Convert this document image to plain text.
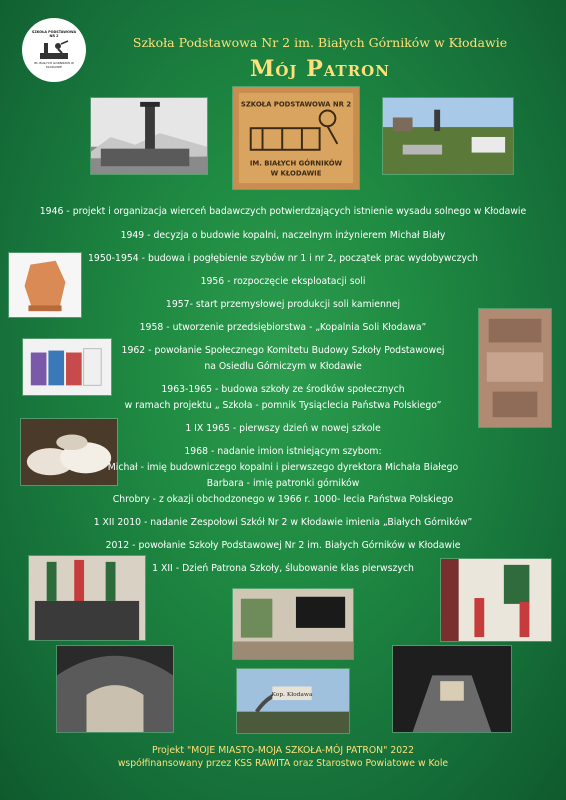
SZKOŁA PODSTAWOWA NR 2
IM. BIAŁYCH GÓRNIKÓW W KŁODAWIE
Szkoła Podstawowa Nr 2 im. Białych Górników w Kłodawie
Mój Patron
SZKOŁA PODSTAWOWA NR 2
IM. BIAŁYCH GÓRNIKÓW
W KŁODAWIE
1946 - projekt i organizacja wierceń badawczych potwierdzających istnienie wysadu solnego w Kłodawie
1949 - decyzja o budowie kopalni, naczelnym inżynierem Michał Biały
1950-1954 - budowa i pogłębienie szybów nr 1 i nr 2, początek prac wydobywczych
1956 - rozpoczęcie eksploatacji soli
1957- start przemysłowej produkcji soli kamiennej
1958 - utworzenie przedsiębiorstwa - „Kopalnia Soli Kłodawa”
1962 - powołanie Społecznego Komitetu Budowy Szkoły Podstawowej
na Osiedlu Górniczym w Kłodawie
1963-1965 - budowa szkoły ze środków społecznych
w ramach projektu „ Szkoła - pomnik Tysiąclecia Państwa Polskiego”
1 IX 1965 - pierwszy dzień w nowej szkole
1968 - nadanie imion istniejącym szybom:
Michał - imię budowniczego kopalni i pierwszego dyrektora Michała Białego
Barbara - imię patronki górników
Chrobry - z okazji obchodzonego w 1966 r. 1000- lecia Państwa Polskiego
1 XII 2010 - nadanie Zespołowi Szkół Nr 2 w Kłodawie imienia „Białych Górników”
2012 - powołanie Szkoły Podstawowej Nr 2 im. Białych Górników w Kłodawie
1 XII - Dzień Patrona Szkoły, ślubowanie klas pierwszych
Kop. Kłodawa
Projekt "MOJE MIASTO-MOJA SZKOŁA-MÓJ PATRON" 2022
współfinansowany przez KSS RAWITA oraz Starostwo Powiatowe w Kole
